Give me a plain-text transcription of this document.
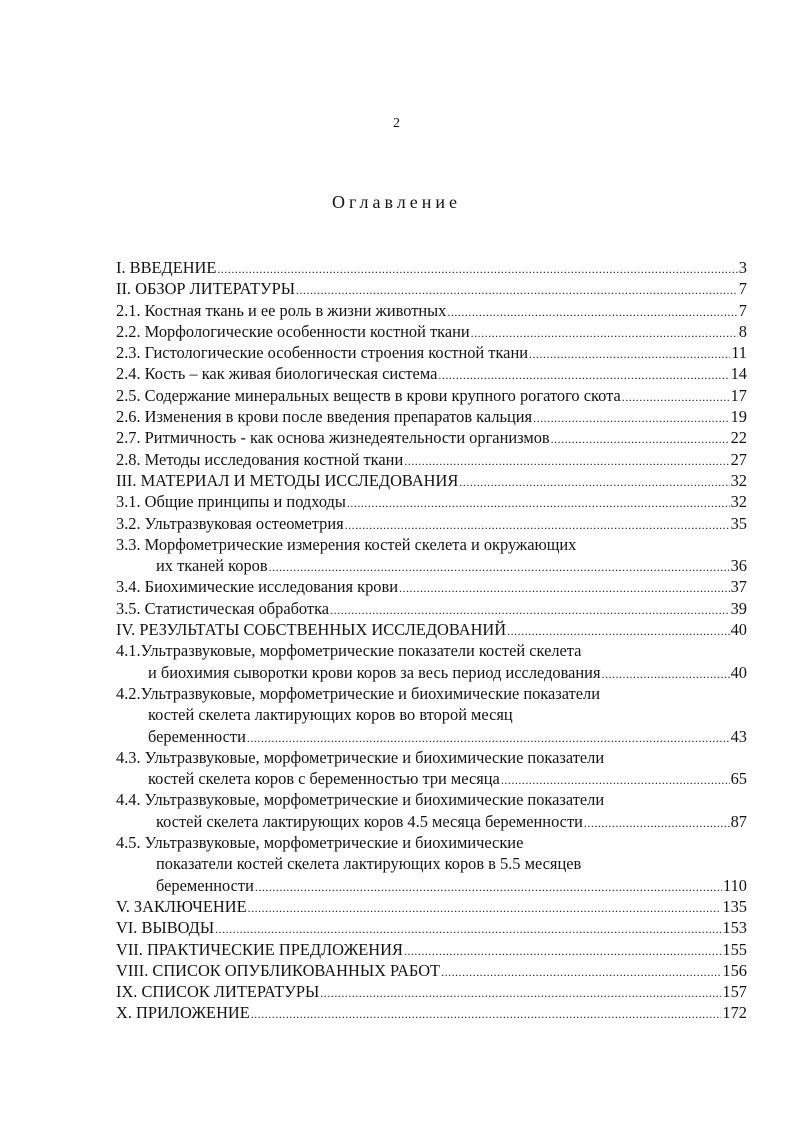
2
Оглавление
I. ВВЕДЕНИЕ .....	3
II. ОБЗОР ЛИТЕРАТУРЫ .....	7
2.1. Костная ткань и ее роль в жизни животных .....	7
2.2. Морфологические особенности костной ткани .....	8
2.3. Гистологические особенности строения костной ткани .....	11
2.4. Кость – как живая биологическая система .....	14
2.5. Содержание минеральных веществ в крови крупного рогатого скота .....	17
2.6. Изменения в крови после введения препаратов кальция .....	19
2.7. Ритмичность - как основа жизнедеятельности организмов .....	22
2.8. Методы исследования костной ткани .....	27
III. МАТЕРИАЛ И МЕТОДЫ ИССЛЕДОВАНИЯ .....	32
3.1. Общие принципы и подходы .....	32
3.2. Ультразвуковая остеометрия .....	35
3.3. Морфометрические измерения костей скелета и окружающих
их тканей коров .....	36
3.4. Биохимические исследования крови .....	37
3.5. Статистическая обработка .....	39
IV. РЕЗУЛЬТАТЫ СОБСТВЕННЫХ ИССЛЕДОВАНИЙ .....	40
4.1.Ультразвуковые, морфометрические показатели костей скелета
и биохимия сыворотки крови коров за весь период исследования .....	40
4.2.Ультразвуковые, морфометрические и биохимические показатели
костей скелета лактирующих коров во второй месяц
беременности .....	43
4.3. Ультразвуковые, морфометрические и биохимические показатели
костей скелета коров с беременностью три месяца .....	65
4.4. Ультразвуковые, морфометрические и биохимические показатели
костей скелета лактирующих коров 4.5 месяца беременности .....	87
4.5. Ультразвуковые, морфометрические и биохимические
показатели костей скелета лактирующих коров в 5.5 месяцев
беременности .....	110
V. ЗАКЛЮЧЕНИЕ .....	135
VI. ВЫВОДЫ .....	153
VII. ПРАКТИЧЕСКИЕ ПРЕДЛОЖЕНИЯ .....	155
VIII. СПИСОК ОПУБЛИКОВАННЫХ РАБОТ .....	156
IX. СПИСОК ЛИТЕРАТУРЫ .....	157
X. ПРИЛОЖЕНИЕ .....	172
